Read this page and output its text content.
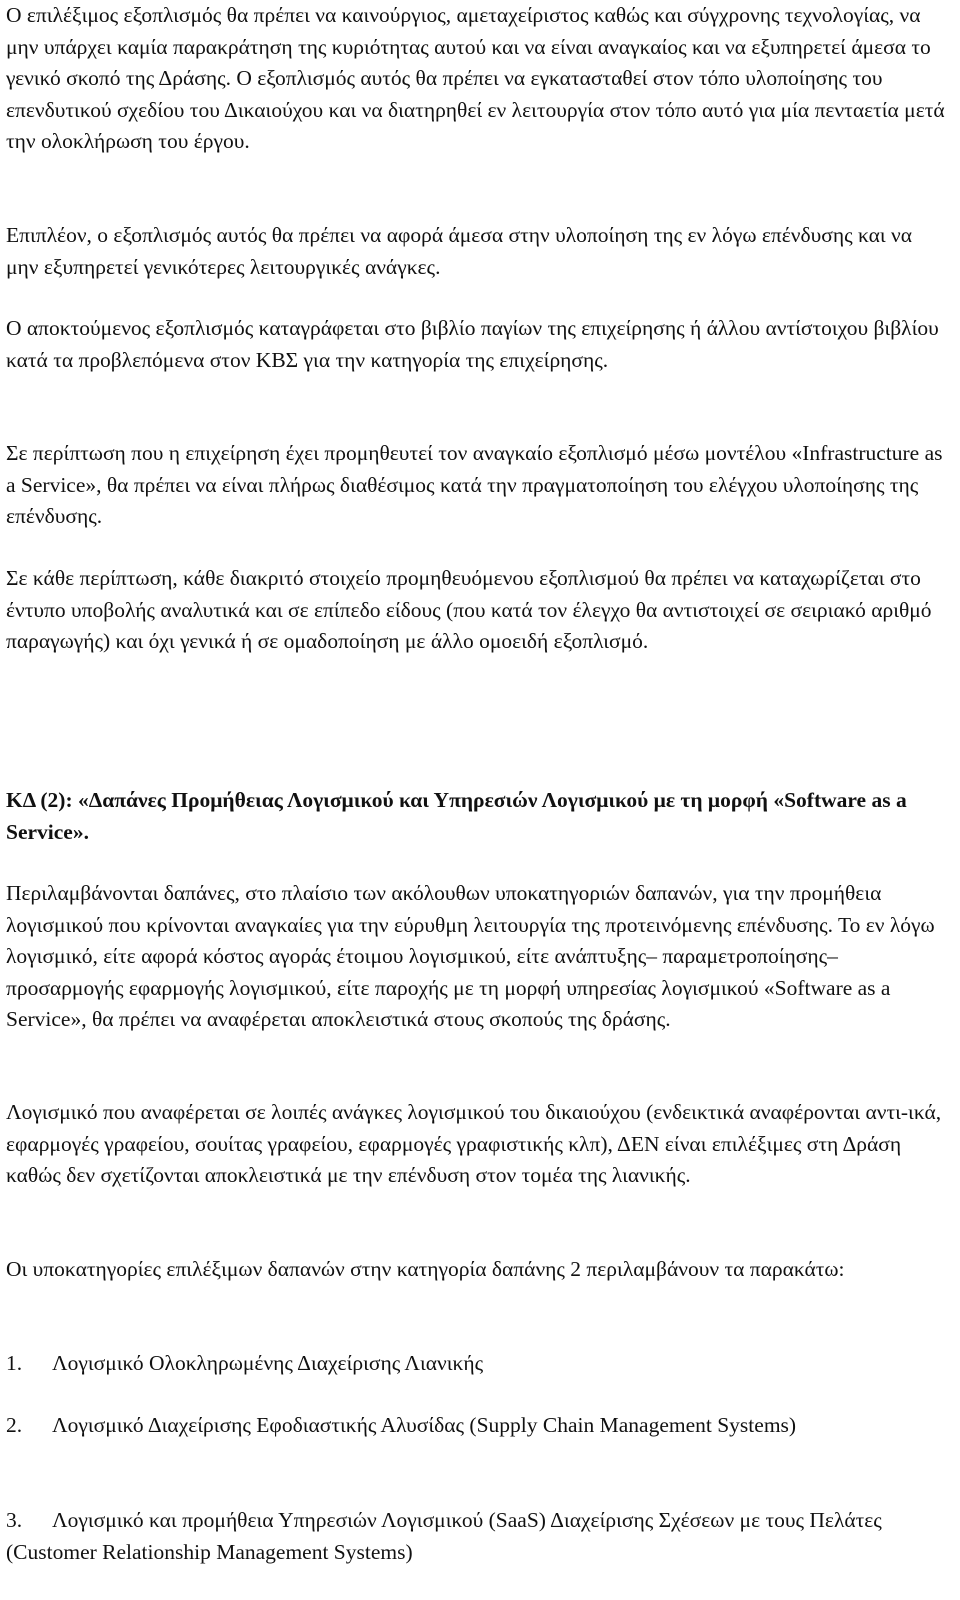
Ο επιλέξιμος εξοπλισμός θα πρέπει να καινούργιος, αμεταχείριστος καθώς και σύγχρονης τεχνολογίας, να μην υπάρχει καμία παρακράτηση της κυριότητας αυτού και να είναι αναγκαίος και να εξυπηρετεί άμεσα το γενικό σκοπό της Δράσης. Ο εξοπλισμός αυτός θα πρέπει να εγκατασταθεί στον τόπο υλοποίησης του επενδυτικού σχεδίου του Δικαιούχου και να διατηρηθεί εν λειτουργία στον τόπο αυτό για μία πενταετία μετά την ολοκλήρωση του έργου.

Επιπλέον, ο εξοπλισμός αυτός θα πρέπει να αφορά άμεσα στην υλοποίηση της εν λόγω επένδυσης και να μην εξυπηρετεί γενικότερες λειτουργικές ανάγκες.

Ο αποκτούμενος εξοπλισμός καταγράφεται στο βιβλίο παγίων της επιχείρησης ή άλλου αντίστοιχου βιβλίου κατά τα προβλεπόμενα στον ΚΒΣ για την κατηγορία της επιχείρησης.

Σε περίπτωση που η επιχείρηση έχει προμηθευτεί τον αναγκαίο εξοπλισμό μέσω μοντέλου «Infrastructure as a Service», θα πρέπει να είναι πλήρως διαθέσιμος κατά την πραγματοποίηση του ελέγχου υλοποίησης της επένδυσης.

Σε κάθε περίπτωση, κάθε διακριτό στοιχείο προμηθευόμενου εξοπλισμού θα πρέπει να καταχωρίζεται στο έντυπο υποβολής αναλυτικά και σε επίπεδο είδους (που κατά τον έλεγχο θα αντιστοιχεί σε σειριακό αριθμό παραγωγής) και όχι γενικά ή σε ομαδοποίηση με άλλο ομοειδή εξοπλισμό.

ΚΔ (2): «Δαπάνες Προμήθειας Λογισμικού και Υπηρεσιών Λογισμικού με τη μορφή «Software as a Service».

Περιλαμβάνονται δαπάνες, στο πλαίσιο των ακόλουθων υποκατηγοριών δαπανών, για την προμήθεια λογισμικού που κρίνονται αναγκαίες για την εύρυθμη λειτουργία της προτεινόμενης επένδυσης. Το εν λόγω λογισμικό, είτε αφορά κόστος αγοράς έτοιμου λογισμικού, είτε ανάπτυξης– παραμετροποίησης– προσαρμογής εφαρμογής λογισμικού, είτε παροχής με τη μορφή υπηρεσίας λογισμικού «Software as a Service», θα πρέπει να αναφέρεται αποκλειστικά στους σκοπούς της δράσης.

Λογισμικό που αναφέρεται σε λοιπές ανάγκες λογισμικού του δικαιούχου (ενδεικτικά αναφέρονται αντι-ικά, εφαρμογές γραφείου, σουίτας γραφείου, εφαρμογές γραφιστικής κλπ), ΔΕΝ είναι επιλέξιμες στη Δράση καθώς δεν σχετίζονται αποκλειστικά με την επένδυση στον τομέα της λιανικής.

Οι υποκατηγορίες επιλέξιμων δαπανών στην κατηγορία δαπάνης 2 περιλαμβάνουν τα παρακάτω:

1. Λογισμικό Ολοκληρωμένης Διαχείρισης Λιανικής

2. Λογισμικό Διαχείρισης Εφοδιαστικής Αλυσίδας (Supply Chain Management Systems)

3. Λογισμικό και προμήθεια Υπηρεσιών Λογισμικού (SaaS) Διαχείρισης Σχέσεων με τους Πελάτες (Customer Relationship Management Systems)
